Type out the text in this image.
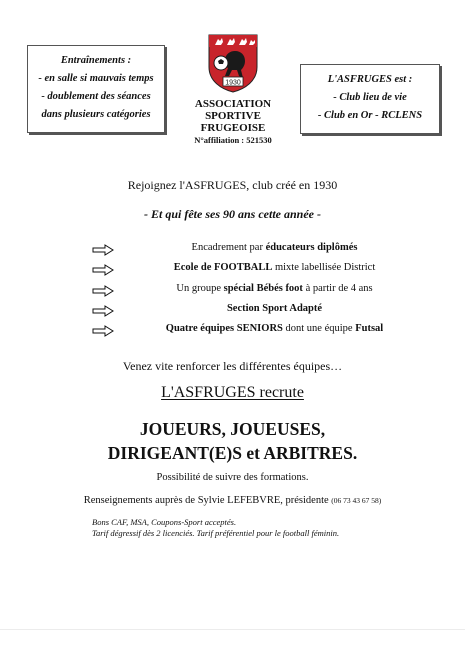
Entraînements :
- en salle si mauvais temps
- doublement des séances
dans plusieurs catégories
1930
ASSOCIATION
SPORTIVE
FRUGEOISE
N°affiliation : 521530
L'ASFRUGES est :
- Club lieu de vie
- Club en Or - RCLENS
Rejoignez l'ASFRUGES, club créé en 1930
- Et qui fête ses 90 ans cette année -
Encadrement par éducateurs diplômés
Ecole de FOOTBALL mixte labellisée District
Un groupe spécial Bébés foot à partir de 4 ans
Section Sport Adapté
Quatre équipes SENIORS dont une équipe Futsal
Venez vite renforcer les différentes équipes…
L'ASFRUGES recrute
JOUEURS, JOUEUSES,
DIRIGEANT(E)S et ARBITRES.
Possibilité de suivre des formations.
Renseignements auprès de Sylvie LEFEBVRE, présidente (06 73 43 67 58)
Bons CAF, MSA, Coupons-Sport acceptés.
Tarif dégressif dès 2 licenciés. Tarif préférentiel pour le football féminin.
